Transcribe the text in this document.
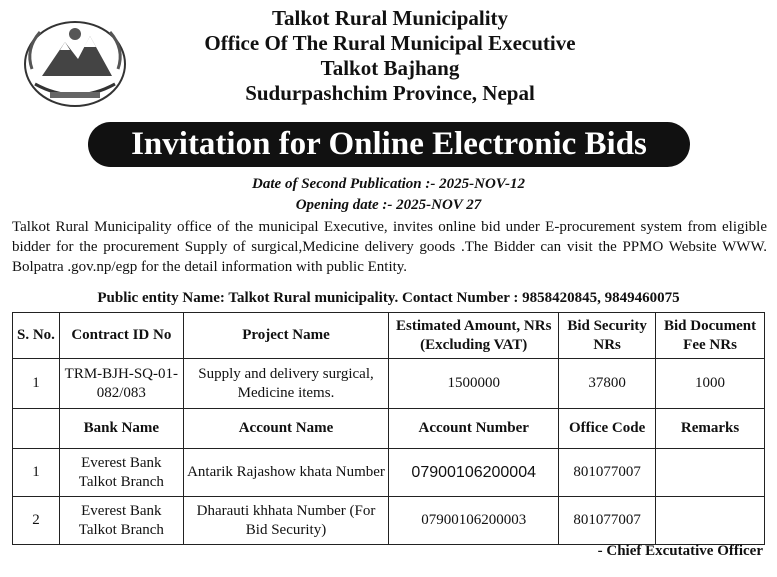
Talkot Rural Municipality
Office Of The Rural Municipal Executive
Talkot Bajhang
Sudurpashchim Province, Nepal
Invitation for Online Electronic Bids
Date of Second Publication :- 2025-NOV-12
Opening date :- 2025-NOV 27
Talkot Rural Municipality office of the municipal Executive, invites online bid under E-procurement system from eligible bidder for the procurement Supply of surgical,Medicine delivery goods .The Bidder can visit the PPMO Website WWW. Bolpatra .gov.np/egp for the detail information with public Entity.
Public entity Name: Talkot Rural municipality. Contact Number : 9858420845, 9849460075
S. No.	Contract ID No	Project Name	Estimated Amount, NRs (Excluding VAT)	Bid Security NRs	Bid Document Fee NRs
1	TRM-BJH-SQ-01-082/083	Supply and delivery surgical, Medicine items.	1500000	37800	1000
	Bank Name	Account Name	Account Number	Office Code	Remarks
1	Everest Bank Talkot Branch	Antarik Rajashow khata Number	07900106200004	801077007	
2	Everest Bank Talkot Branch	Dharauti khhata Number (For Bid Security)	07900106200003	801077007	
- Chief Excutative Officer
